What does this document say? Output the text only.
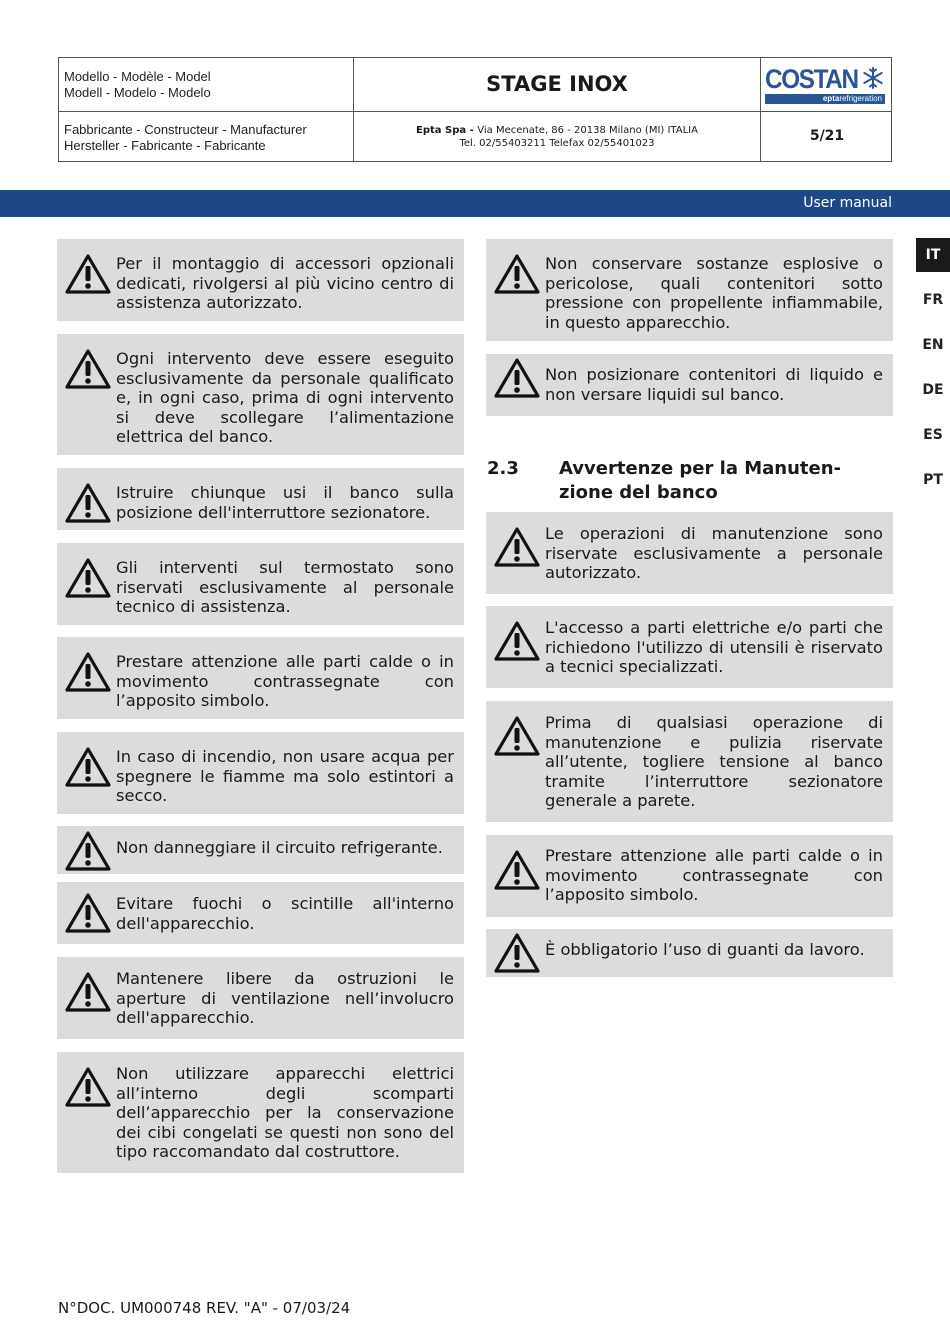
Modello - Modèle - Model
Modell - Modelo - Modelo
Fabbricante - Constructeur - Manufacturer
Hersteller - Fabricante - Fabricante
STAGE INOX
Epta Spa - Via Mecenate, 86 - 20138 Milano (MI) ITALIA
Tel. 02/55403211 Telefax 02/55401023	5/21
COSTAN
eptarefrigeration
User manual
IT
FR
EN
DE
ES
PT
Per il montaggio di accessori opzionali dedicati, rivolgersi al più vicino centro di assistenza autorizzato.
Ogni intervento deve essere eseguito esclusivamente da personale qualificato e, in ogni caso, prima di ogni intervento si deve scollegare l’alimentazione elettrica del banco.
Istruire chiunque usi il banco sulla posizione dell'interruttore sezionatore.
Gli interventi sul termostato sono riservati esclusivamente al personale tecnico di assistenza.
Prestare attenzione alle parti calde o in movimento contrassegnate con l’apposito simbolo.
In caso di incendio, non usare acqua per spegnere le fiamme ma solo estintori a secco.
Non danneggiare il circuito refrigerante.
Evitare fuochi o scintille all'interno dell'apparecchio.
Mantenere libere da ostruzioni le aperture di ventilazione nell’involucro dell'apparecchio.
Non utilizzare apparecchi elettrici all’interno degli scomparti dell’apparecchio per la conservazione dei cibi congelati se questi non sono del tipo raccomandato dal costruttore.
Non conservare sostanze esplosive o pericolose, quali contenitori sotto pressione con propellente infiammabile, in questo apparecchio.
Non posizionare contenitori di liquido e non versare liquidi sul banco.
2.3 Avvertenze per la Manuten-zione del banco
Le operazioni di manutenzione sono riservate esclusivamente a personale autorizzato.
L'accesso a parti elettriche e/o parti che richiedono l'utilizzo di utensili è riservato a tecnici specializzati.
Prima di qualsiasi operazione di manutenzione e pulizia riservate all’utente, togliere tensione al banco tramite l’interruttore sezionatore generale a parete.
Prestare attenzione alle parti calde o in movimento contrassegnate con l’apposito simbolo.
È obbligatorio l’uso di guanti da lavoro.
N°DOC. UM000748 REV. "A" - 07/03/24
